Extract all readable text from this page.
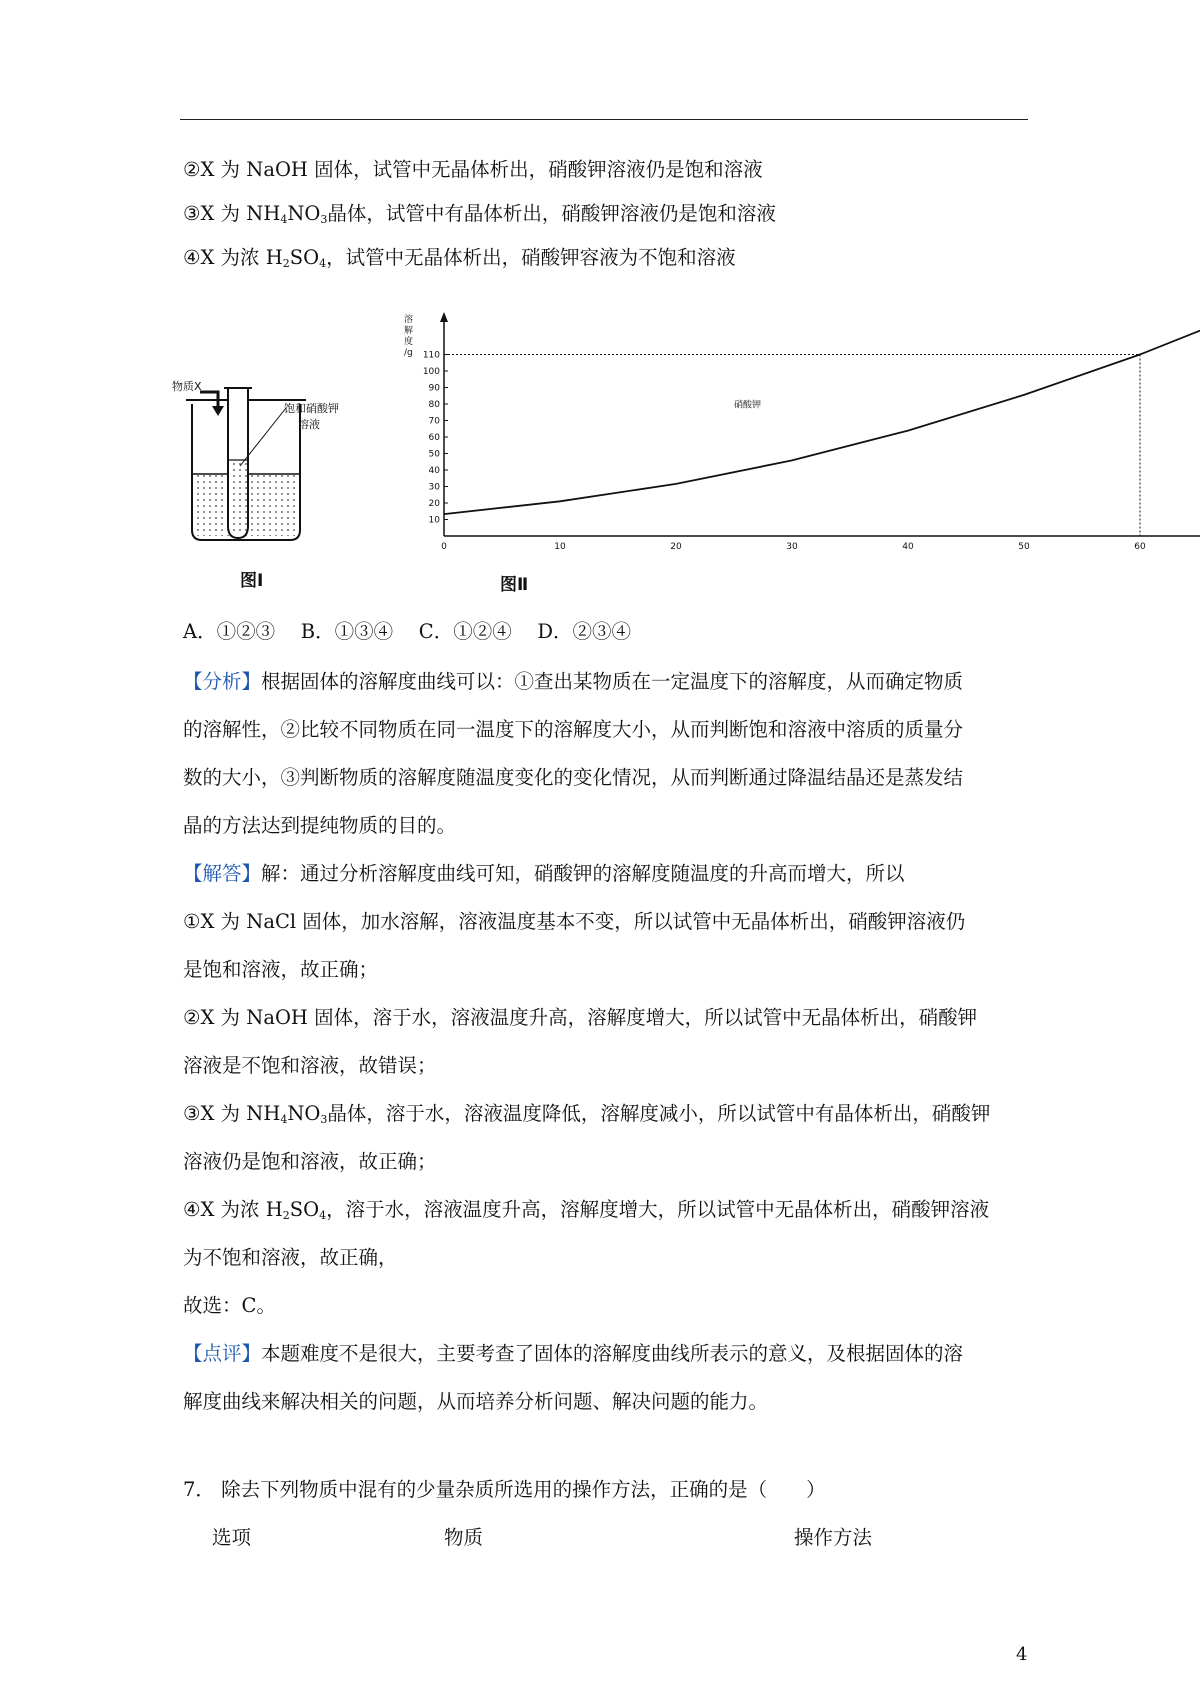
②X 为 NaOH 固体，试管中无晶体析出，硝酸钾溶液仍是饱和溶液
③X 为 $NH_4NO_3$晶体，试管中有晶体析出，硝酸钾溶液仍是饱和溶液
④X 为浓 $H_2SO_4$，试管中无晶体析出，硝酸钾容液为不饱和溶液
物质X
饱和硝酸钾
溶液
图Ⅰ
溶
解
度
/g
10
20
30
40
50
60
70
80
90
100
110
0	10	20	30	40	50	60
硝酸钾
图Ⅱ
A．①②③　 B．①③④　 C．①②④　 D．②③④
【分析】根据固体的溶解度曲线可以：①查出某物质在一定温度下的溶解度，从而确定物质
的溶解性，②比较不同物质在同一温度下的溶解度大小，从而判断饱和溶液中溶质的质量分
数的大小，③判断物质的溶解度随温度变化的变化情况，从而判断通过降温结晶还是蒸发结
晶的方法达到提纯物质的目的。
【解答】解：通过分析溶解度曲线可知，硝酸钾的溶解度随温度的升高而增大，所以
①X 为 NaCl 固体，加水溶解，溶液温度基本不变，所以试管中无晶体析出，硝酸钾溶液仍
是饱和溶液，故正确；
②X 为 NaOH 固体，溶于水，溶液温度升高，溶解度增大，所以试管中无晶体析出，硝酸钾
溶液是不饱和溶液，故错误；
③X 为 $NH_4NO_3$晶体，溶于水，溶液温度降低，溶解度减小，所以试管中有晶体析出，硝酸钾
溶液仍是饱和溶液，故正确；
④X 为浓 $H_2SO_4$，溶于水，溶液温度升高，溶解度增大，所以试管中无晶体析出，硝酸钾溶液
为不饱和溶液，故正确，
故选：C。
【点评】本题难度不是很大，主要考查了固体的溶解度曲线所表示的意义，及根据固体的溶
解度曲线来解决相关的问题，从而培养分析问题、解决问题的能力。
7． 除去下列物质中混有的少量杂质所选用的操作方法，正确的是（　　）
选项	物质	操作方法
4
